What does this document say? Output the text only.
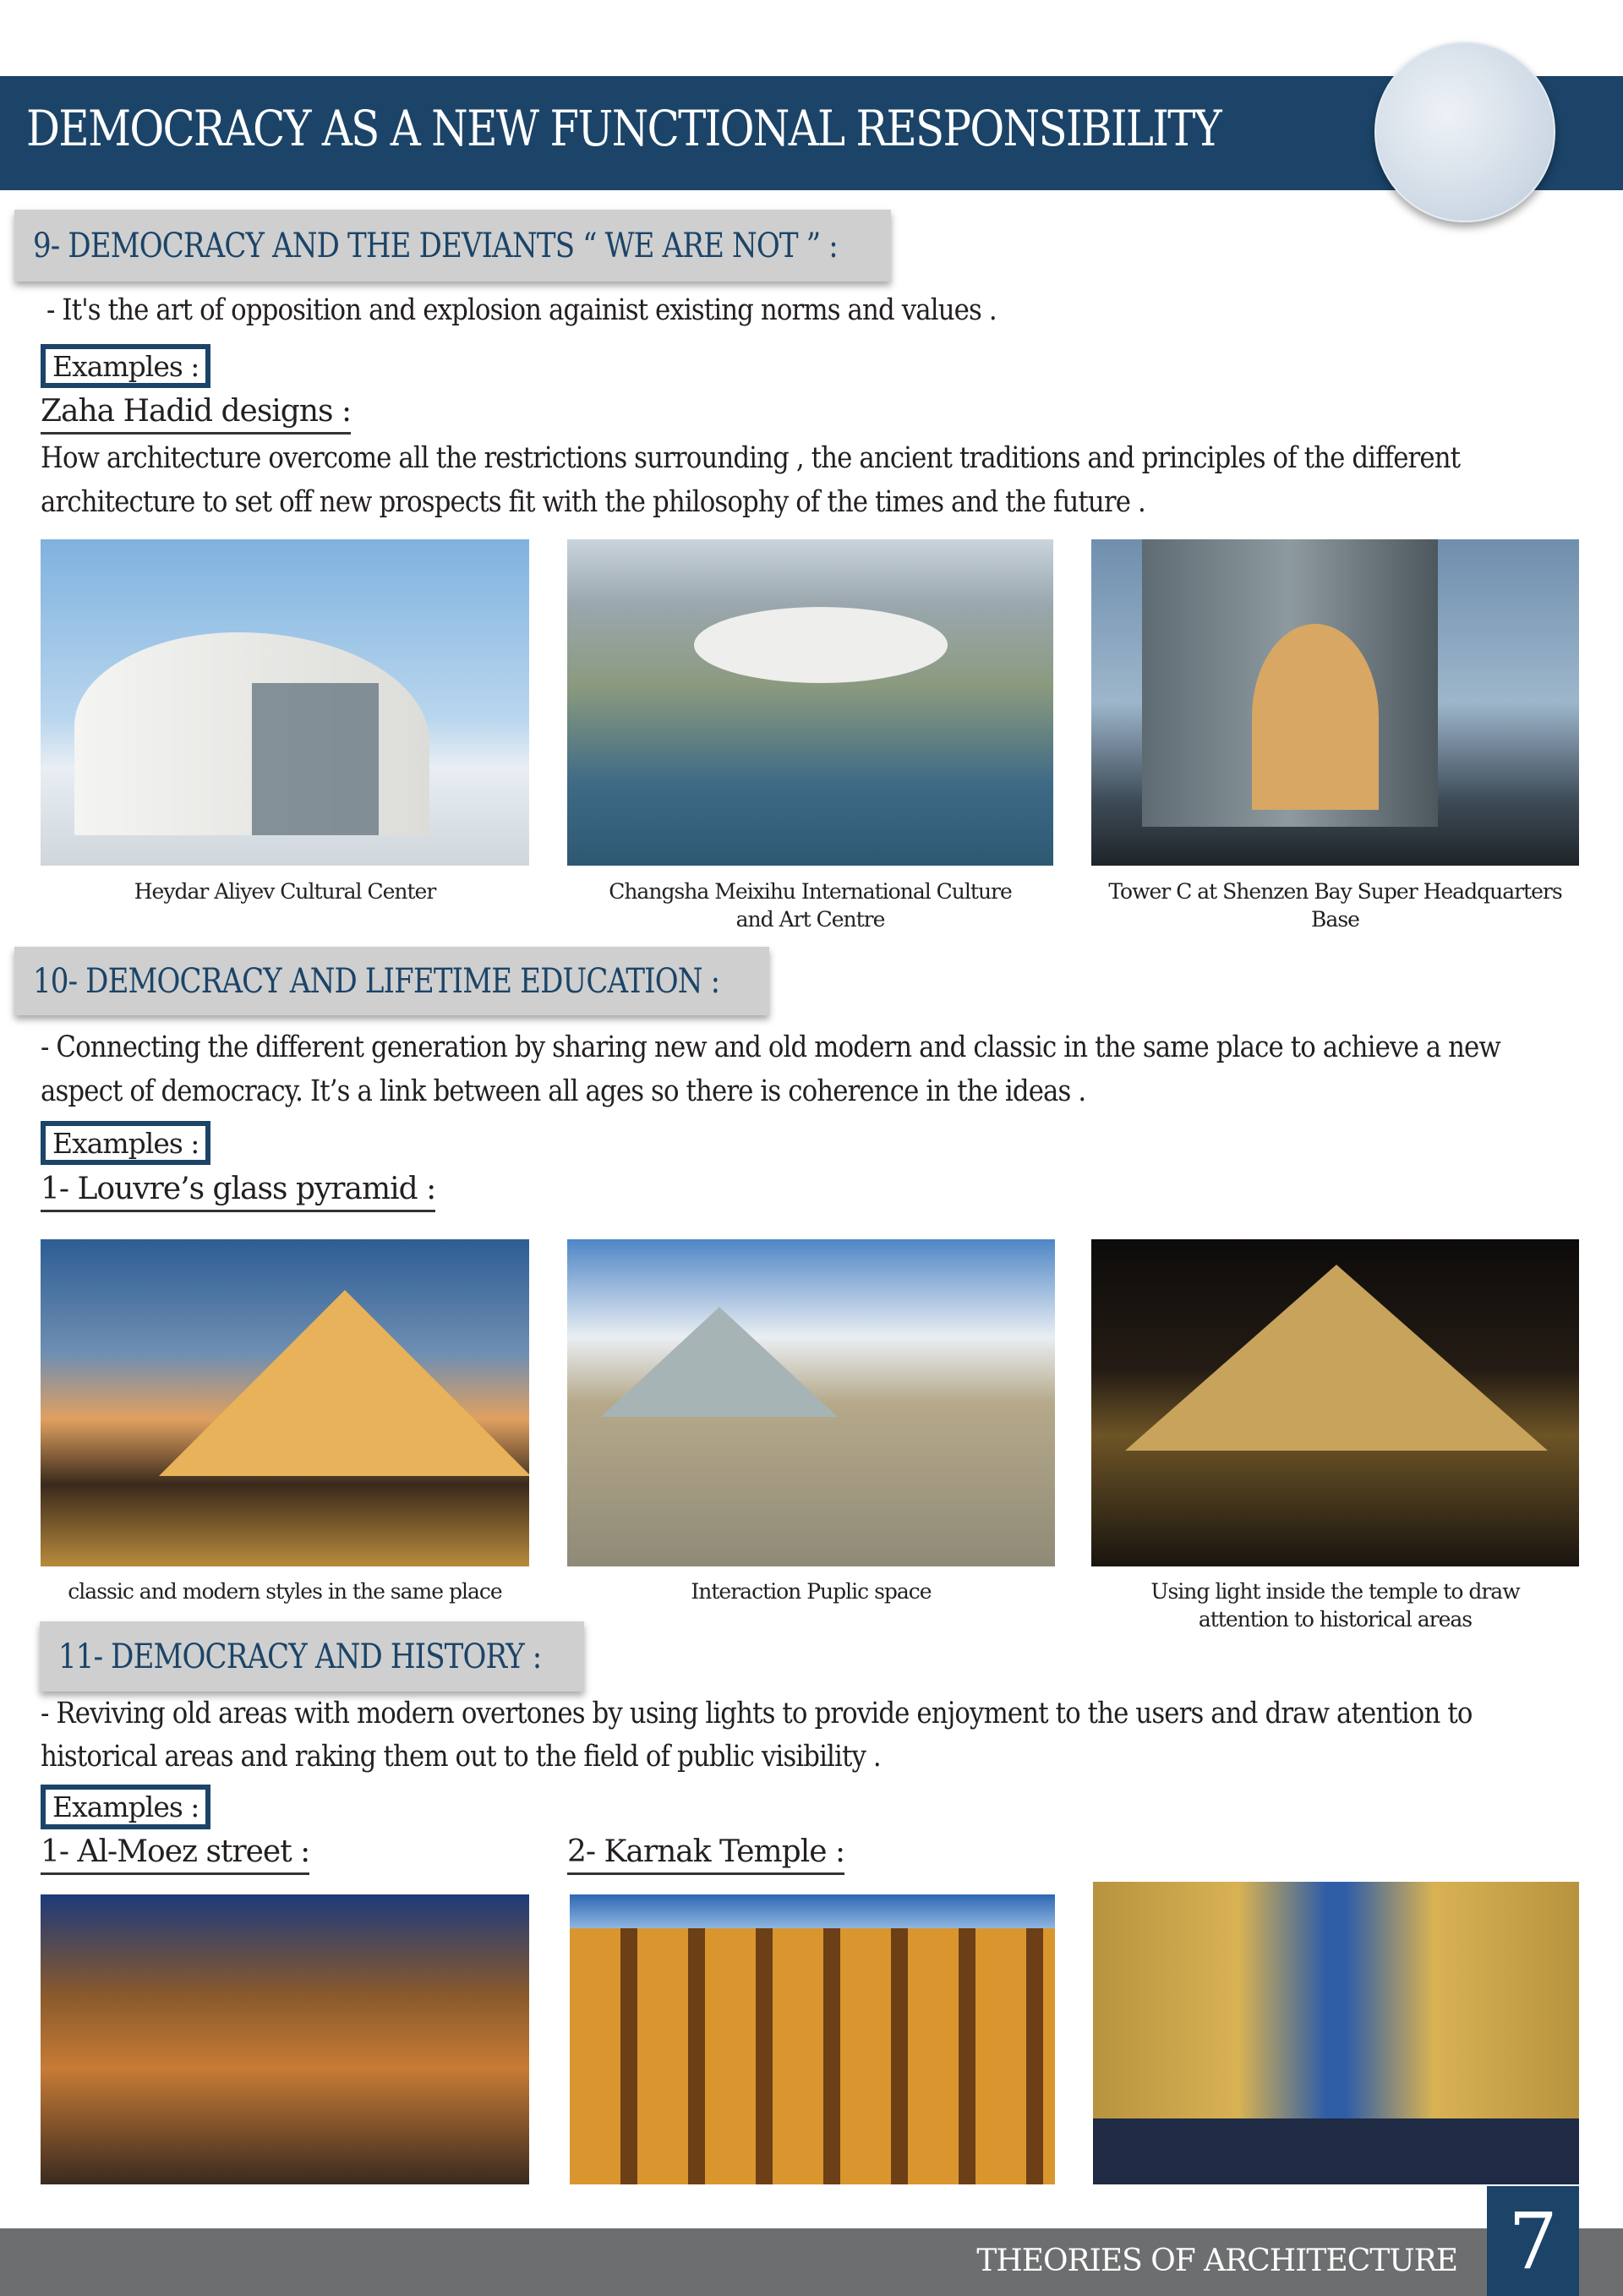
DEMOCRACY AS A NEW FUNCTIONAL RESPONSIBILITY
9- DEMOCRACY AND THE DEVIANTS “ WE ARE NOT ” :
- It's the art of opposition and explosion againist existing norms and values .
Examples :
Zaha Hadid designs :
How architecture overcome all the restrictions surrounding , the ancient traditions and principles of the different
architecture to set off new prospects fit with the philosophy of the times and the future .
Heydar Aliyev Cultural Center	Changsha Meixihu International Culture and Art Centre
Tower C at Shenzen Bay Super Headquarters Base
10- DEMOCRACY AND LIFETIME EDUCATION :
- Connecting the different generation by sharing new and old modern and classic in the same place to achieve a new
aspect of democracy. It’s a link between all ages so there is coherence in the ideas .
Examples :
1- Louvre’s glass pyramid :
classic and modern styles in the same place	Interaction Puplic space	Using light inside the temple to draw attention to historical areas
11- DEMOCRACY AND HISTORY :
- Reviving old areas with modern overtones by using lights to provide enjoyment to the users and draw atention to
historical areas and raking them out to the field of public visibility .
Examples :
1- Al-Moez street :	2- Karnak Temple :
THEORIES OF ARCHITECTURE 7
